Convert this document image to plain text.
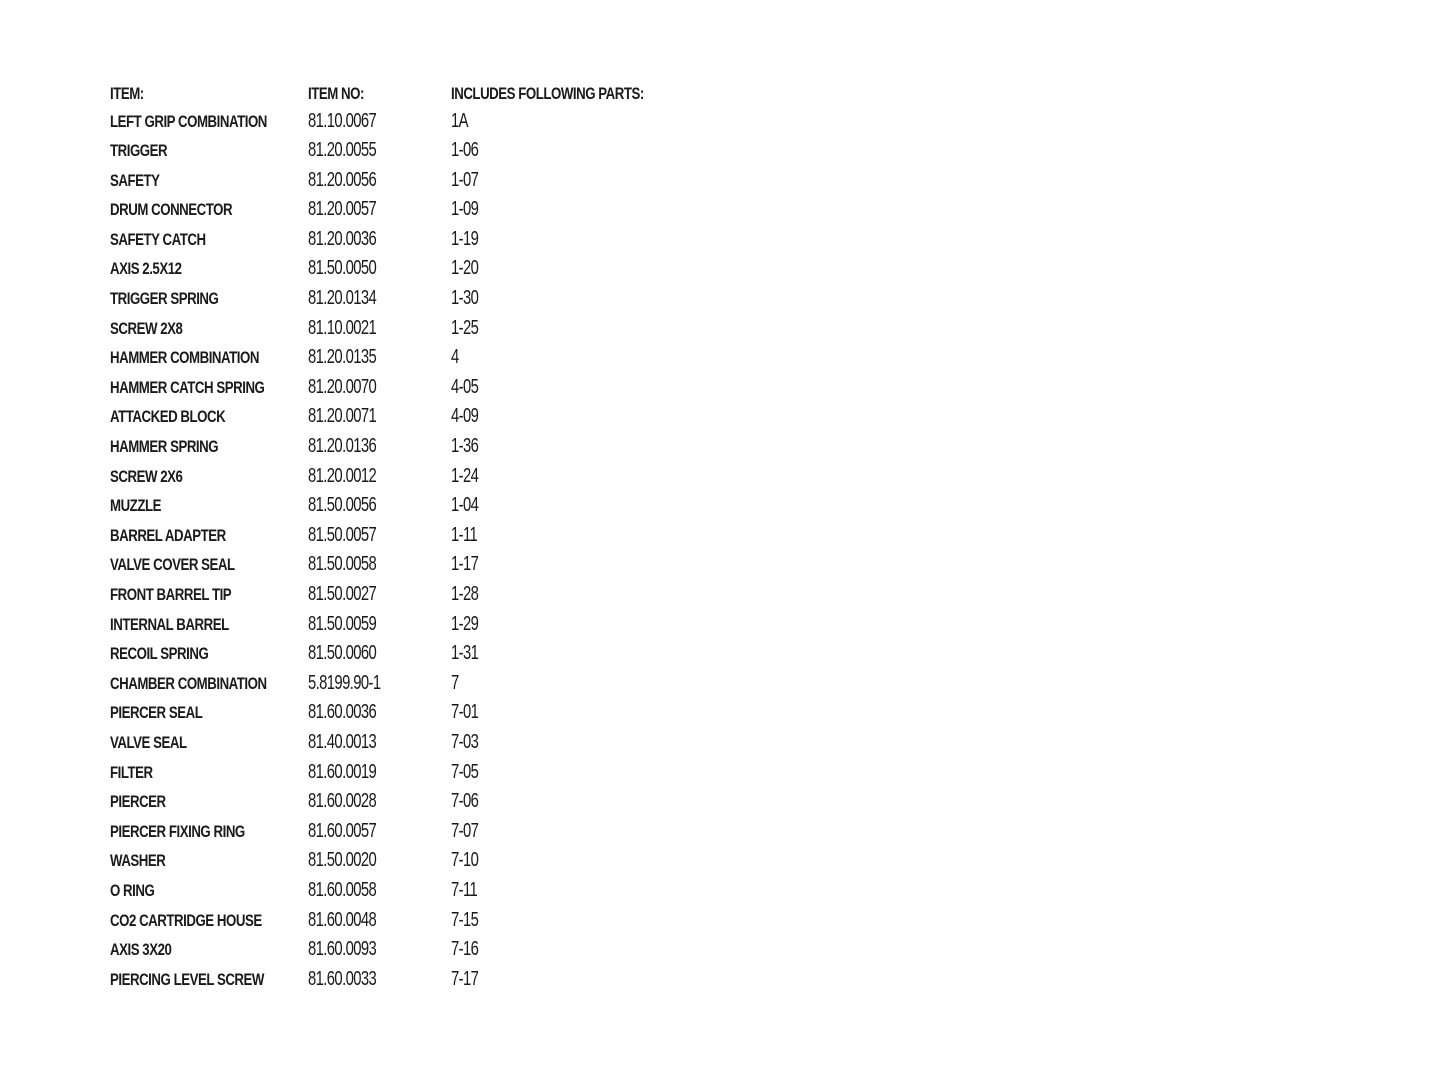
ITEM:	ITEM NO:	INCLUDES FOLLOWING PARTS:
LEFT GRIP COMBINATION	81.10.0067	1A
TRIGGER	81.20.0055	1-06
SAFETY	81.20.0056	1-07
DRUM CONNECTOR	81.20.0057	1-09
SAFETY CATCH	81.20.0036	1-19
AXIS 2.5X12	81.50.0050	1-20
TRIGGER SPRING	81.20.0134	1-30
SCREW 2X8	81.10.0021	1-25
HAMMER COMBINATION	81.20.0135	4
HAMMER CATCH SPRING	81.20.0070	4-05
ATTACKED BLOCK	81.20.0071	4-09
HAMMER SPRING	81.20.0136	1-36
SCREW 2X6	81.20.0012	1-24
MUZZLE	81.50.0056	1-04
BARREL ADAPTER	81.50.0057	1-11
VALVE COVER SEAL	81.50.0058	1-17
FRONT BARREL TIP	81.50.0027	1-28
INTERNAL BARREL	81.50.0059	1-29
RECOIL SPRING	81.50.0060	1-31
CHAMBER COMBINATION	5.8199.90-1	7
PIERCER SEAL	81.60.0036	7-01
VALVE SEAL	81.40.0013	7-03
FILTER	81.60.0019	7-05
PIERCER	81.60.0028	7-06
PIERCER FIXING RING	81.60.0057	7-07
WASHER	81.50.0020	7-10
O RING	81.60.0058	7-11
CO2 CARTRIDGE HOUSE	81.60.0048	7-15
AXIS 3X20	81.60.0093	7-16
PIERCING LEVEL SCREW	81.60.0033	7-17
